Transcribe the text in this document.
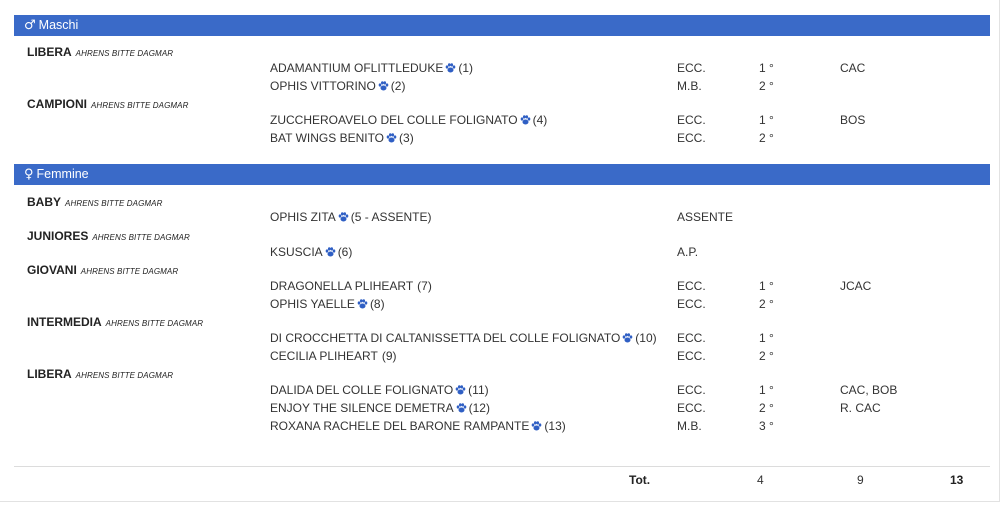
♂ Maschi
LIBERA AHRENS BITTE DAGMAR
ADAMANTIUM OFLITTLEDUKE (1)	ECC.	1 °	CAC
OPHIS VITTORINO (2)	M.B.	2 °
CAMPIONI AHRENS BITTE DAGMAR
ZUCCHEROAVELO DEL COLLE FOLIGNATO (4)	ECC.	1 °	BOS
BAT WINGS BENITO (3)	ECC.	2 °
♀ Femmine
BABY AHRENS BITTE DAGMAR
OPHIS ZITA (5 - ASSENTE)	ASSENTE
JUNIORES AHRENS BITTE DAGMAR
KSUSCIA (6)	A.P.
GIOVANI AHRENS BITTE DAGMAR
DRAGONELLA PLIHEART (7)	ECC.	1 °	JCAC
OPHIS YAELLE (8)	ECC.	2 °
INTERMEDIA AHRENS BITTE DAGMAR
DI CROCCHETTA DI CALTANISSETTA DEL COLLE FOLIGNATO (10) ECC.	1 °
CECILIA PLIHEART (9)	ECC.	2 °
LIBERA AHRENS BITTE DAGMAR
DALIDA DEL COLLE FOLIGNATO (11)	ECC.	1 °	CAC, BOB
ENJOY THE SILENCE DEMETRA (12)	ECC.	2 °	R. CAC
ROXANA RACHELE DEL BARONE RAMPANTE (13)	M.B.	3 °
Tot.	4	9	13
